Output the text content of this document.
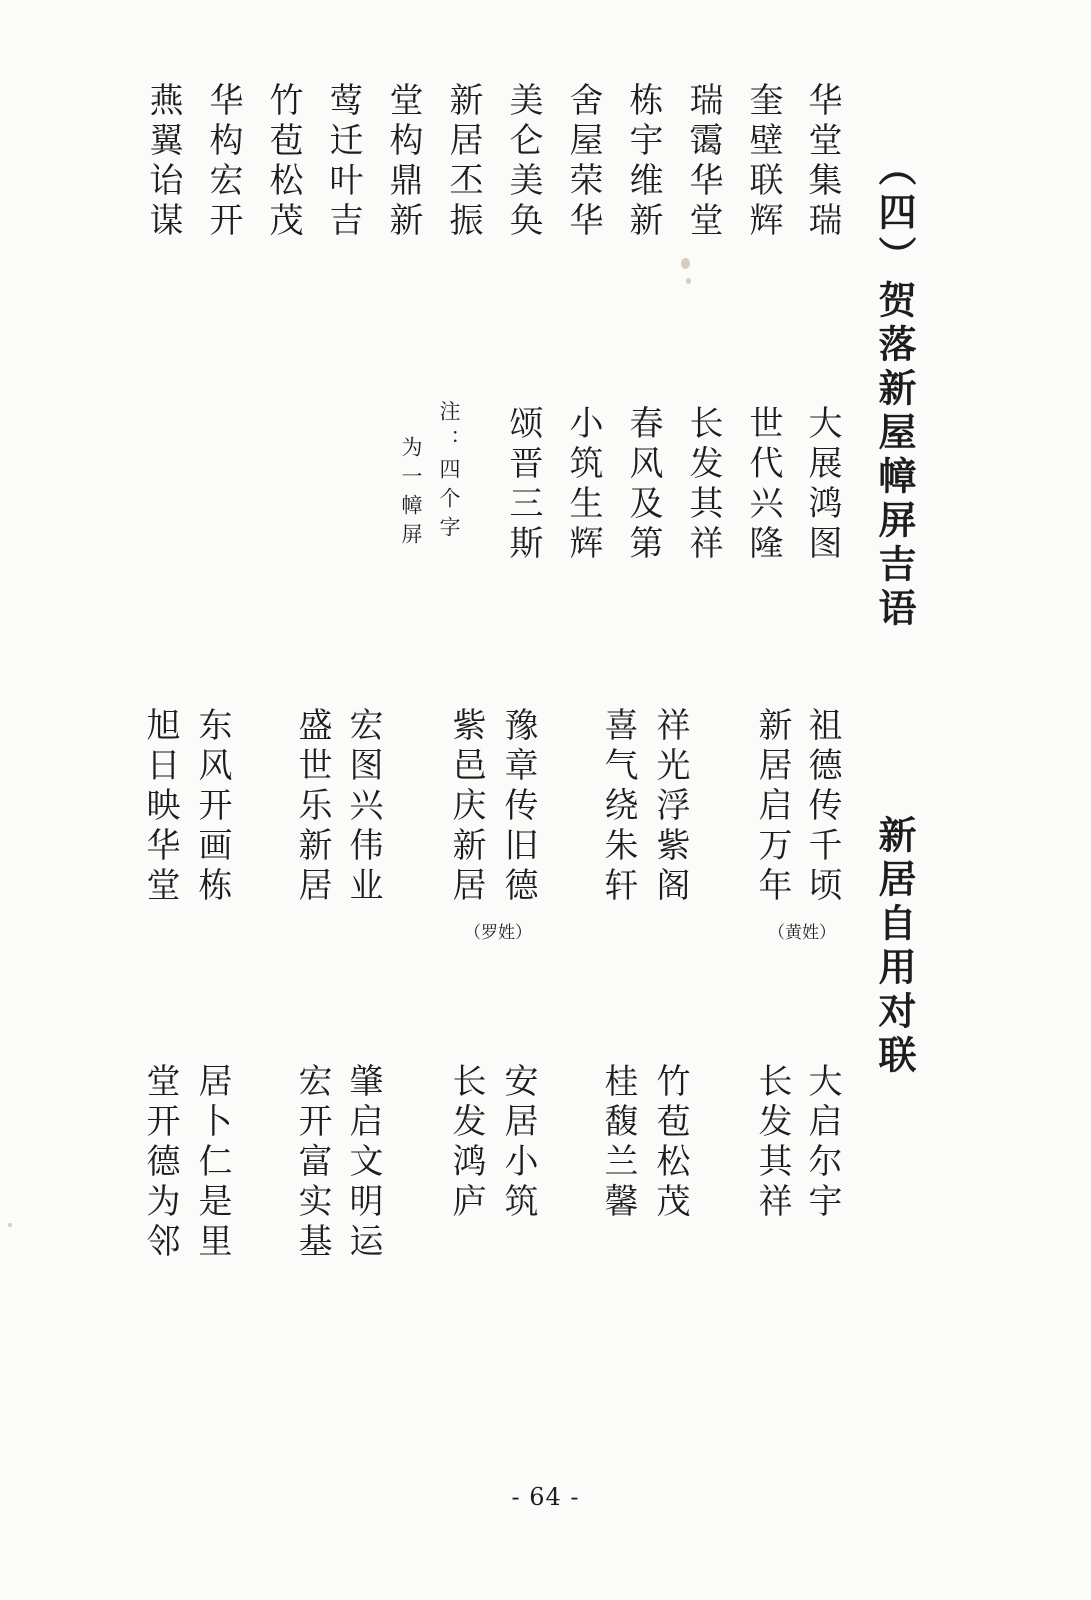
（四）贺落新屋幛屏吉语
华堂集瑞
奎壁联辉
瑞霭华堂
栋宇维新
舍屋荣华
美仑美奂
新居丕振
堂构鼎新
莺迁叶吉
竹苞松茂
华构宏开
燕翼诒谋
大展鸿图
世代兴隆
长发其祥
春风及第
小筑生辉
颂晋三斯
注：四个字
为一幛屏
新居自用对联
祖德传千顷
新居启万年
祥光浮紫阁
喜气绕朱轩
豫章传旧德
紫邑庆新居
宏图兴伟业
盛世乐新居
东风开画栋
旭日映华堂
（黄姓）
（罗姓）
大启尔宇
长发其祥
竹苞松茂
桂馥兰馨
安居小筑
长发鸿庐
肇启文明运
宏开富实基
居卜仁是里
堂开德为邻
- 64 -
